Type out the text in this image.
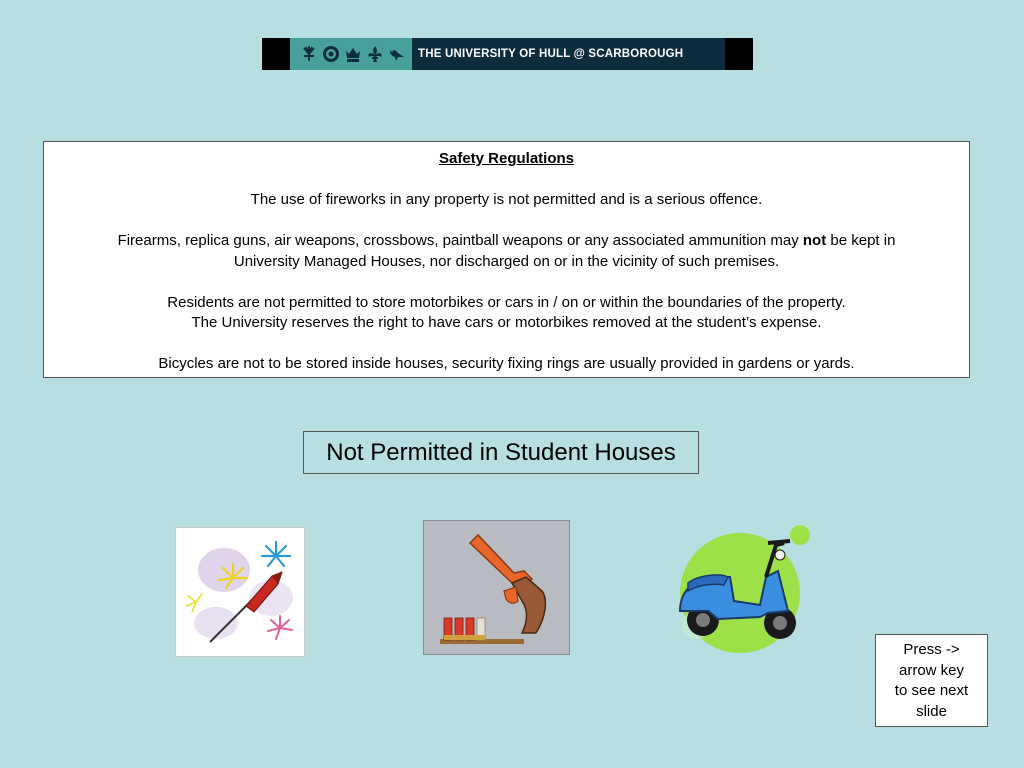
THE UNIVERSITY OF HULL @ SCARBOROUGH

Safety Regulations

The use of fireworks in any property is not permitted and is a serious offence.

Firearms, replica guns, air weapons, crossbows, paintball weapons or any associated ammunition may not be kept in

University Managed Houses, nor discharged on or in the vicinity of such premises.

Residents are not permitted to store motorbikes or cars in / on or within the boundaries of the property.

The University reserves the right to have cars or motorbikes removed at the student’s expense.

Bicycles are not to be stored inside houses, security fixing rings are usually provided in gardens or yards.

Not Permitted in Student Houses

Press ->

arrow key

to see next

slide
